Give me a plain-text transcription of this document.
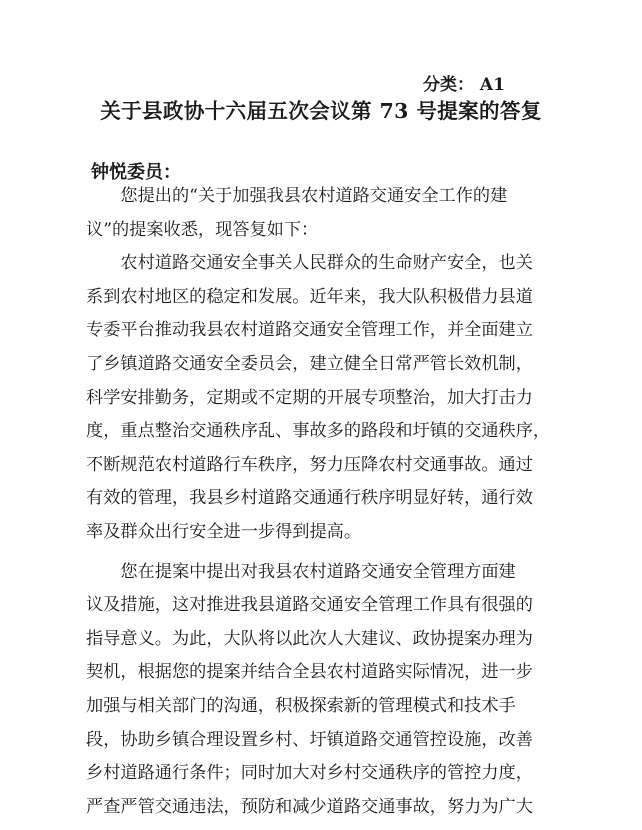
分类： A1
关于县政协十六届五次会议第 73 号提案的答复
钟悦委员：
　　您提出的“关于加强我县农村道路交通安全工作的建
议”的提案收悉，现答复如下：
　　农村道路交通安全事关人民群众的生命财产安全，也关
系到农村地区的稳定和发展。近年来，我大队积极借力县道
专委平台推动我县农村道路交通安全管理工作，并全面建立
了乡镇道路交通安全委员会，建立健全日常严管长效机制，
科学安排勤务，定期或不定期的开展专项整治，加大打击力
度，重点整治交通秩序乱、事故多的路段和圩镇的交通秩序，
不断规范农村道路行车秩序，努力压降农村交通事故。通过
有效的管理，我县乡村道路交通通行秩序明显好转，通行效
率及群众出行安全进一步得到提高。
　　您在提案中提出对我县农村道路交通安全管理方面建
议及措施，这对推进我县道路交通安全管理工作具有很强的
指导意义。为此，大队将以此次人大建议、政协提案办理为
契机，根据您的提案并结合全县农村道路实际情况，进一步
加强与相关部门的沟通，积极探索新的管理模式和技术手
段，协助乡镇合理设置乡村、圩镇道路交通管控设施，改善
乡村道路通行条件；同时加大对乡村交通秩序的管控力度，
严查严管交通违法，预防和减少道路交通事故，努力为广大
